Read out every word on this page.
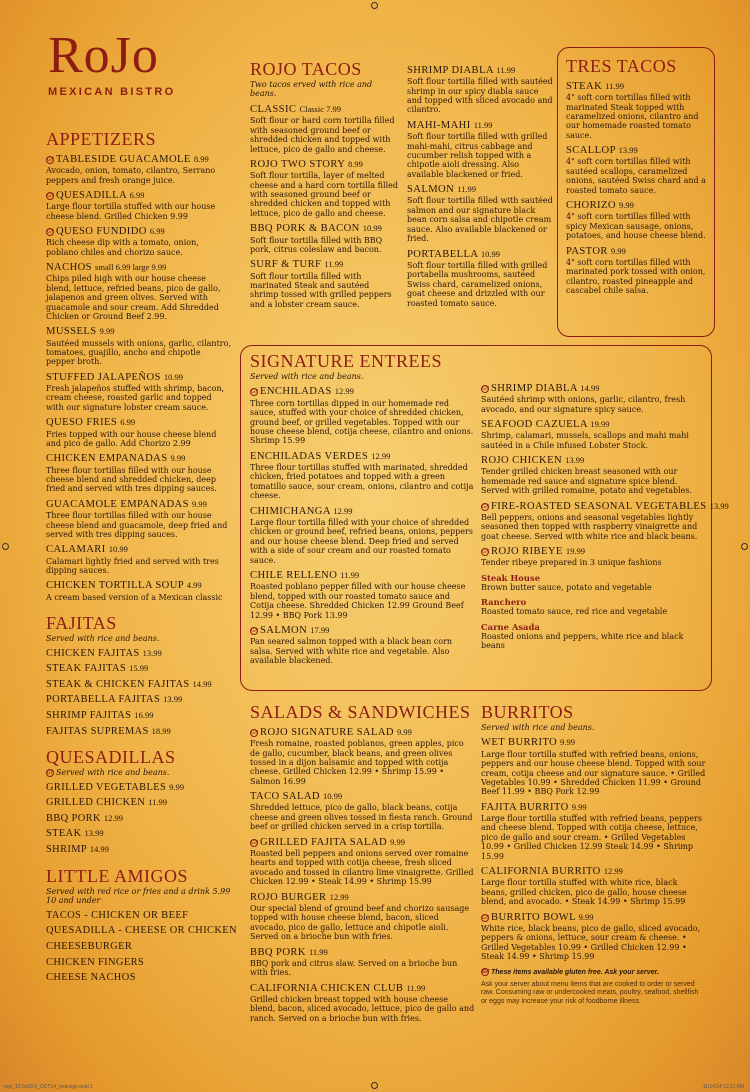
RoJo
MEXICAN BISTRO
APPETIZERS
GFTABLESIDE GUACAMOLE 8.99
Avocado, onion, tomato, cilantro, Serrano peppers and fresh orange juice.
GFQUESADILLA 6.99
Large flour tortilla stuffed with our house cheese blend. Grilled Chicken 9.99
GFQUESO FUNDIDO 6.99
Rich cheese dip with a tomato, onion, poblano chiles and chorizo sauce.
NACHOS small 6.99 large 9.99
Chips piled high with our house cheese blend, lettuce, refried beans, pico de gallo, jalapenos and green olives. Served with guacamole and sour cream. Add Shredded Chicken or Ground Beef 2.99.
MUSSELS 9.99
Sautéed mussels with onions, garlic, cilantro, tomatoes, guajillo, ancho and chipotle pepper broth.
STUFFED JALAPEÑOS 10.99
Fresh jalapeños stuffed with shrimp, bacon, cream cheese, roasted garlic and topped with our signature lobster cream sauce.
QUESO FRIES 6.99
Fries topped with our house cheese blend and pico de gallo. Add Chorizo 2.99
CHICKEN EMPANADAS 9.99
Three flour tortillas filled with our house cheese blend and shredded chicken, deep fried and served with tres dipping sauces.
GUACAMOLE EMPANADAS 9.99
Three flour tortillas filled with our house cheese blend and guacamole, deep fried and served with tres dipping sauces.
CALAMARI 10.99
Calamari lightly fried and served with tres dipping sauces.
CHICKEN TORTILLA SOUP 4.99
A cream based version of a Mexican classic
FAJITAS
Served with rice and beans.
CHICKEN FAJITAS 13.99
STEAK FAJITAS 15.99
STEAK & CHICKEN FAJITAS 14.99
PORTABELLA FAJITAS 13.99
SHRIMP FAJITAS 16.99
FAJITAS SUPREMAS 18.99
QUESADILLAS
GF Served with rice and beans.
GRILLED VEGETABLES 9.99
GRILLED CHICKEN 11.99
BBQ PORK 12.99
STEAK 13.99
SHRIMP 14.99
LITTLE AMIGOS
Served with red rice or fries and a drink 5.99 10 and under
TACOS - CHICKEN OR BEEF
QUESADILLA - CHEESE OR CHICKEN
CHEESEBURGER
CHICKEN FINGERS
CHEESE NACHOS
ROJO TACOS
Two tacos erved with rice and beans.
CLASSIC Classic 7.99
Soft flour or hard corn tortilla filled with seasoned ground beef or shredded chicken and topped with lettuce, pico de gallo and cheese.
ROJO TWO STORY 8.99
Soft flour tortilla, layer of melted cheese and a hard corn tortilla filled with seasoned ground beef or shredded chicken and topped with lettuce, pico de gallo and cheese.
BBQ PORK & BACON 10.99
Soft flour tortilla filled with BBQ pork, citrus coleslaw and bacon.
SURF & TURF 11.99
Soft flour tortilla filled with marinated Steak and sautéed shrimp tossed with grilled peppers and a lobster cream sauce.
SHRIMP DIABLA 11.99
Soft flour tortilla filled with sautéed shrimp in our spicy diabla sauce and topped with sliced avocado and cilantro.
MAHI-MAHI 11.99
Soft flour tortilla filled with grilled mahi-mahi, citrus cabbage and cucumber relish topped with a chipotle aioli dressing. Also available blackened or fried.
SALMON 11.99
Soft flour tortilla filled with sautéed salmon and our signature black bean corn salsa and chipotle cream sauce. Also available blackened or fried.
PORTABELLA 10.99
Soft flour tortilla filled with grilled portabella mushrooms, sautéed Swiss chard, caramelized onions, goat cheese and drizzled with our roasted tomato sauce.
TRES TACOS
STEAK 11.99
4" soft corn tortillas filled with marinated Steak topped with caramelized onions, cilantro and our homemade roasted tomato sauce.
SCALLOP 13.99
4" soft corn tortillas filled with sautéed scallops, caramelized onions, sautéed Swiss chard and a roasted tomato sauce.
CHORIZO 9.99
4" soft corn tortillas filled with spicy Mexican sausage, onions, potatoes, and house cheese blend.
PASTOR 9.99
4" soft corn tortillas filled with marinated pork tossed with onion, cilantro, roasted pineapple and cascabel chile salsa.
SIGNATURE ENTREES
Served with rice and beans.
GFENCHILADAS 12.99
Three corn tortillas dipped in our homemade red sauce, stuffed with your choice of shredded chicken, ground beef, or grilled vegetables. Topped with our house cheese blend, cotija cheese, cilantro and onions. Shrimp 15.99
ENCHILADAS VERDES 12.99
Three flour tortillas stuffed with marinated, shredded chicken, fried potatoes and topped with a green tomatillo sauce, sour cream, onions, cilantro and cotija cheese.
CHIMICHANGA 12.99
Large flour tortilla filled with your choice of shredded chicken or ground beef, refried beans, onions, peppers and our house cheese blend. Deep fried and served with a side of sour cream and our roasted tomato sauce.
CHILE RELLENO 11.99
Roasted poblano pepper filled with our house cheese blend, topped with our roasted tomato sauce and Cotija cheese. Shredded Chicken 12.99 Ground Beef 12.99 • BBQ Pork 13.99
GFSALMON 17.99
Pan seared salmon topped with a black bean corn salsa. Served with white rice and vegetable. Also available blackened.
GFSHRIMP DIABLA 14.99
Sautéed shrimp with onions, garlic, cilantro, fresh avocado, and our signature spicy sauce.
SEAFOOD CAZUELA 19.99
Shrimp, calamari, mussels, scallops and mahi mahi sautéed in a Chile infused Lobster Stock.
ROJO CHICKEN 13.99
Tender grilled chicken breast seasoned with our homemade red sauce and signature spice blend. Served with grilled romaine, potato and vegetables.
GFFIRE-ROASTED SEASONAL VEGETABLES 13.99
Bell peppers, onions and seasonal vegetables lightly seasoned then topped with raspberry vinaigrette and goat cheese. Served with white rice and black beans.
GFROJO RIBEYE 19.99
Tender ribeye prepared in 3 unique fashions
Steak House
Brown butter sauce, potato and vegetable
Ranchero
Roasted tomato sauce, red rice and vegetable
Carne Asada
Roasted onions and peppers, white rice and black beans
SALADS & SANDWICHES
GFROJO SIGNATURE SALAD 9.99
Fresh romaine, roasted poblanos, green apples, pico de gallo, cucumber, black beans, and green olives tossed in a dijon balsamic and topped with cotija cheese. Grilled Chicken 12.99 • Shrimp 15.99 • Salmon 16.99
TACO SALAD 10.99
Shredded lettuce, pico de gallo, black beans, cotija cheese and green olives tossed in fiesta ranch. Ground beef or grilled chicken served in a crisp tortilla.
GFGRILLED FAJITA SALAD 9.99
Roasted bell peppers and onions served over romaine hearts and topped with cotija cheese, fresh sliced avocado and tossed in cilantro lime vinaigrette. Grilled Chicken 12.99 • Steak 14.99 • Shrimp 15.99
ROJO BURGER 12.99
Our special blend of ground beef and chorizo sausage topped with house cheese blend, bacon, sliced avocado, pico de gallo, lettuce and chipotle aioli. Served on a brioche bun with fries.
BBQ PORK 11.99
BBQ pork and citrus slaw. Served on a brioche bun with fries.
CALIFORNIA CHICKEN CLUB 11.99
Grilled chicken breast topped with house cheese blend, bacon, sliced avocado, lettuce, pico de gallo and ranch. Served on a brioche bun with fries.
BURRITOS
Served with rice and beans.
WET BURRITO 9.99
Large flour tortilla stuffed with refried beans, onions, peppers and our house cheese blend. Topped with sour cream, cotija cheese and our signature sauce. • Grilled Vegetables 10.99 • Shredded Chicken 11.99 • Ground Beef 11.99 • BBQ Pork 12.99
FAJITA BURRITO 9.99
Large flour tortilla stuffed with refried beans, peppers and cheese blend. Topped with cotija cheese, lettuce, pico de gallo and sour cream. • Grilled Vegetables 10.99 • Grilled Chicken 12.99 Steak 14.99 • Shrimp 15.99
CALIFORNIA BURRITO 12.99
Large flour tortilla stuffed with white rice, black beans, grilled chicken, pico de gallo, house cheese blend, and avocado. • Steak 14.99 • Shrimp 15.99
GFBURRITO BOWL 9.99
White rice, black beans, pico de gallo, sliced avocado, peppers & onions, lettuce, sour cream & cheese. • Grilled Vegetables 10.99 • Grilled Chicken 12.99 • Steak 14.99 • Shrimp 15.99
GFThese items available gluten free. Ask your server.
Ask your server about menu items that are cooked to order or served raw. Consuming raw or undercooked meats, poultry, seafood, shellfish or eggs may increase your risk of foodborne illness.
rojo_12.5x18.0_OCT14_redesign.indd 1	11/14/14 12:11 AM
